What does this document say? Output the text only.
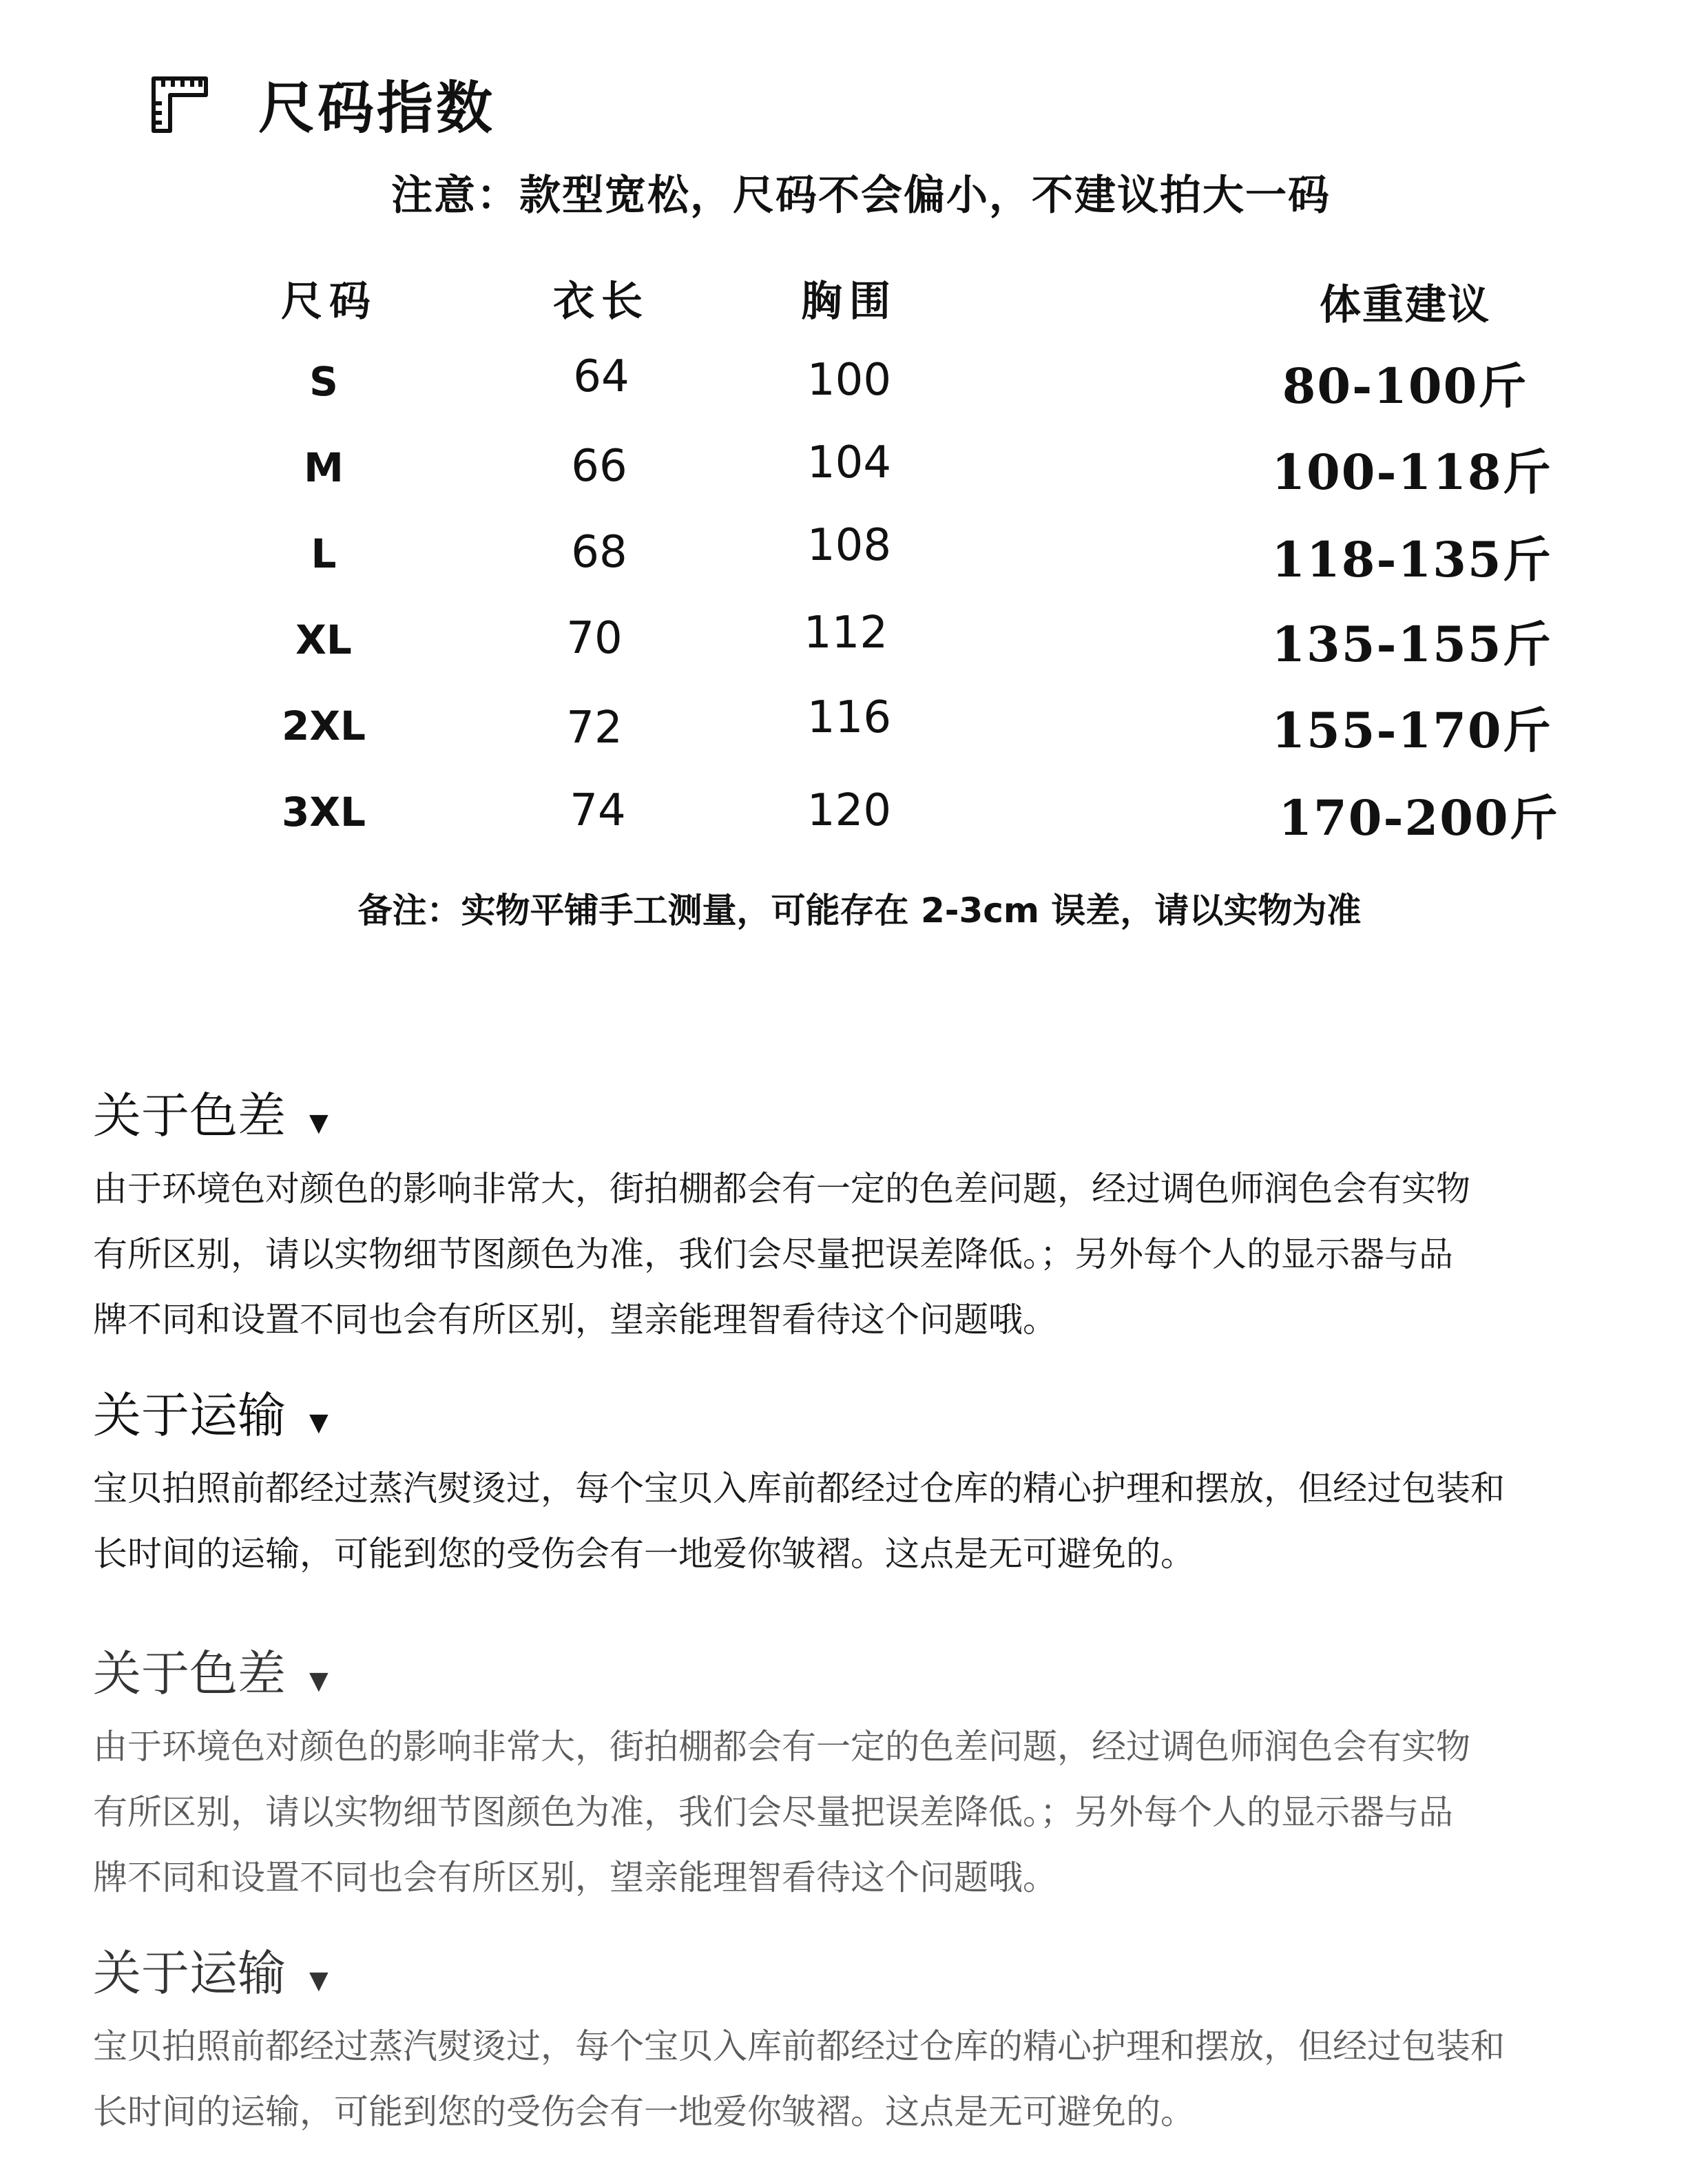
尺码指数
注意：款型宽松，尺码不会偏小，不建议拍大一码
尺码	衣长	胸围	体重建议
S	64	100	80-100斤
M	66	104	100-118斤
L	68	108	118-135斤
XL	70	112	135-155斤
2XL	72	116	155-170斤
3XL	74	120	170-200斤
备注：实物平铺手工测量，可能存在 2-3cm 误差，请以实物为准
关于色差 ▼
由于环境色对颜色的影响非常大，街拍棚都会有一定的色差问题，经过调色师润色会有实物
有所区别，请以实物细节图颜色为准，我们会尽量把误差降低。；另外每个人的显示器与品
牌不同和设置不同也会有所区别，望亲能理智看待这个问题哦。
关于运输 ▼
宝贝拍照前都经过蒸汽熨烫过，每个宝贝入库前都经过仓库的精心护理和摆放，但经过包装和
长时间的运输，可能到您的受伤会有一地爱你皱褶。这点是无可避免的。
关于色差 ▼
由于环境色对颜色的影响非常大，街拍棚都会有一定的色差问题，经过调色师润色会有实物
有所区别，请以实物细节图颜色为准，我们会尽量把误差降低。；另外每个人的显示器与品
牌不同和设置不同也会有所区别，望亲能理智看待这个问题哦。
关于运输 ▼
宝贝拍照前都经过蒸汽熨烫过，每个宝贝入库前都经过仓库的精心护理和摆放，但经过包装和
长时间的运输，可能到您的受伤会有一地爱你皱褶。这点是无可避免的。
